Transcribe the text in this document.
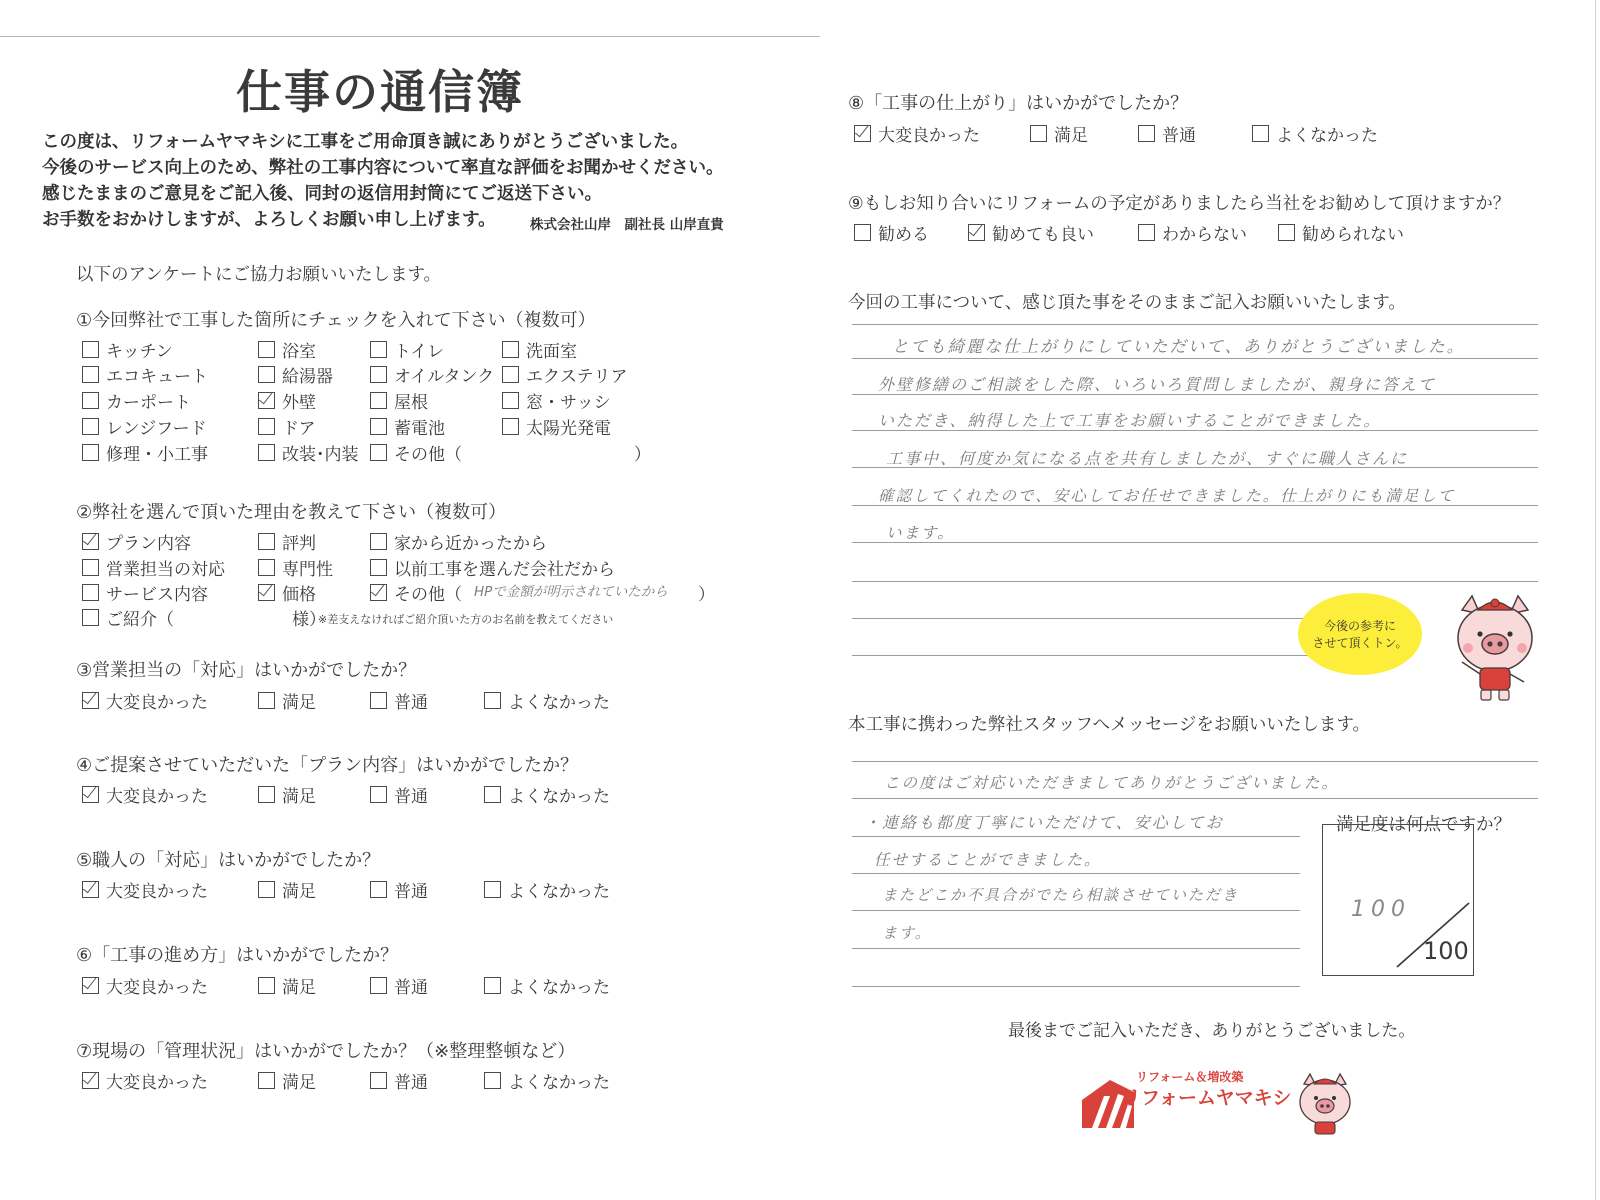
仕事の通信簿
この度は、リフォームヤマキシに工事をご用命頂き誠にありがとうございました。
今後のサービス向上のため、弊社の工事内容について率直な評価をお聞かせください。
感じたままのご意見をご記入後、同封の返信用封筒にてご返送下さい。
お手数をおかけしますが、よろしくお願い申し上げます。	株式会社山岸　副社長 山岸直貴
以下のアンケートにご協力お願いいたします。
①今回弊社で工事した箇所にチェックを入れて下さい（複数可）
キッチン	浴室	トイレ	洗面室
エコキュート	給湯器	オイルタンク エクステリア
カーポート	外壁	屋根	窓・サッシ
レンジフード	ドア	蓄電池	太陽光発電
修理・小工事	改装･内装 その他（	）
②弊社を選んで頂いた理由を教えて下さい（複数可）
プラン内容	評判	家から近かったから
営業担当の対応	専門性	以前工事を選んだ会社だから
サービス内容	価格	その他（ HPで金額が明示されていたから ）
ご紹介（	様）
※差支えなければご紹介頂いた方のお名前を教えてください
③営業担当の「対応」はいかがでしたか？
大変良かった	満足	普通	よくなかった
④ご提案させていただいた「プラン内容」はいかがでしたか？
大変良かった	満足	普通	よくなかった
⑤職人の「対応」はいかがでしたか？
大変良かった	満足	普通	よくなかった
⑥「工事の進め方」はいかがでしたか？
大変良かった	満足	普通	よくなかった
⑦現場の「管理状況」はいかがでしたか？（※整理整頓など）
大変良かった	満足	普通	よくなかった
⑧「工事の仕上がり」はいかがでしたか？
大変良かった	満足	普通	よくなかった
⑨もしお知り合いにリフォームの予定がありましたら当社をお勧めして頂けますか？
勧める	勧めても良い	わからない	勧められない
今回の工事について、感じ頂た事をそのままご記入お願いいたします。
とても綺麗な仕上がりにしていただいて、ありがとうございました。
外壁修繕のご相談をした際、いろいろ質問しましたが、親身に答えて
いただき、納得した上で工事をお願いすることができました。
工事中、何度か気になる点を共有しましたが、すぐに職人さんに
確認してくれたので、安心してお任せできました。仕上がりにも満足して
います。
今後の参考に
させて頂くトン。
本工事に携わった弊社スタッフへメッセージをお願いいたします。
この度はご対応いただきましてありがとうございました。
・連絡も都度丁寧にいただけて、安心してお
任せすることができました。
またどこか不具合がでたら相談させていただき
ます。
満足度は何点ですか？
100
100
最後までご記入いただき、ありがとうございました。
リフォーム＆増改築
リフォームヤマキシ
